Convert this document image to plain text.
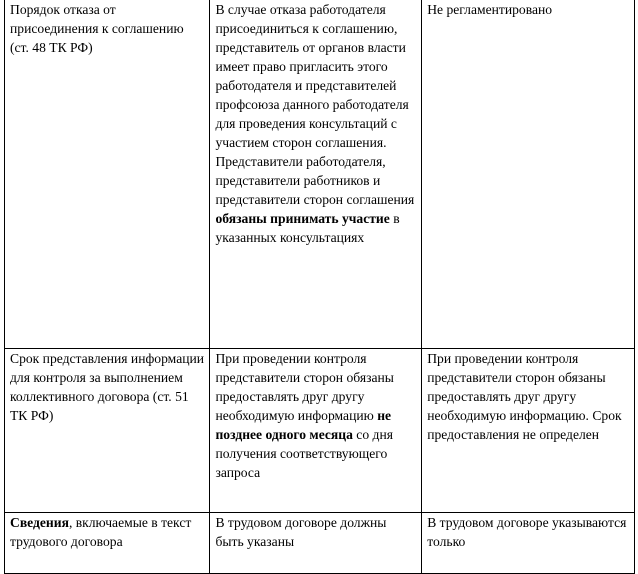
Порядок отказа от присоединения к соглашению (ст. 48 ТК РФ)	В случае отказа работодателя присоединиться к соглашению, представитель от органов власти имеет право пригласить этого работодателя и представителей профсоюза данного работодателя для проведения консультаций с участием сторон соглашения. Представители работодателя, представители работников и представители сторон соглашения обязаны принимать участие в указанных консультациях	Не регламентировано
Срок представления информации для контроля за выполнением коллективного договора (ст. 51 ТК РФ)	При проведении контроля представители сторон обязаны предоставлять друг другу необходимую информацию не позднее одного месяца со дня получения соответствующего запроса	При проведении контроля представители сторон обязаны предоставлять друг другу необходимую информацию. Срок предоставления не определен
Сведения, включаемые в текст трудового договора	В трудовом договоре должны быть указаны	В трудовом договоре указываются только
